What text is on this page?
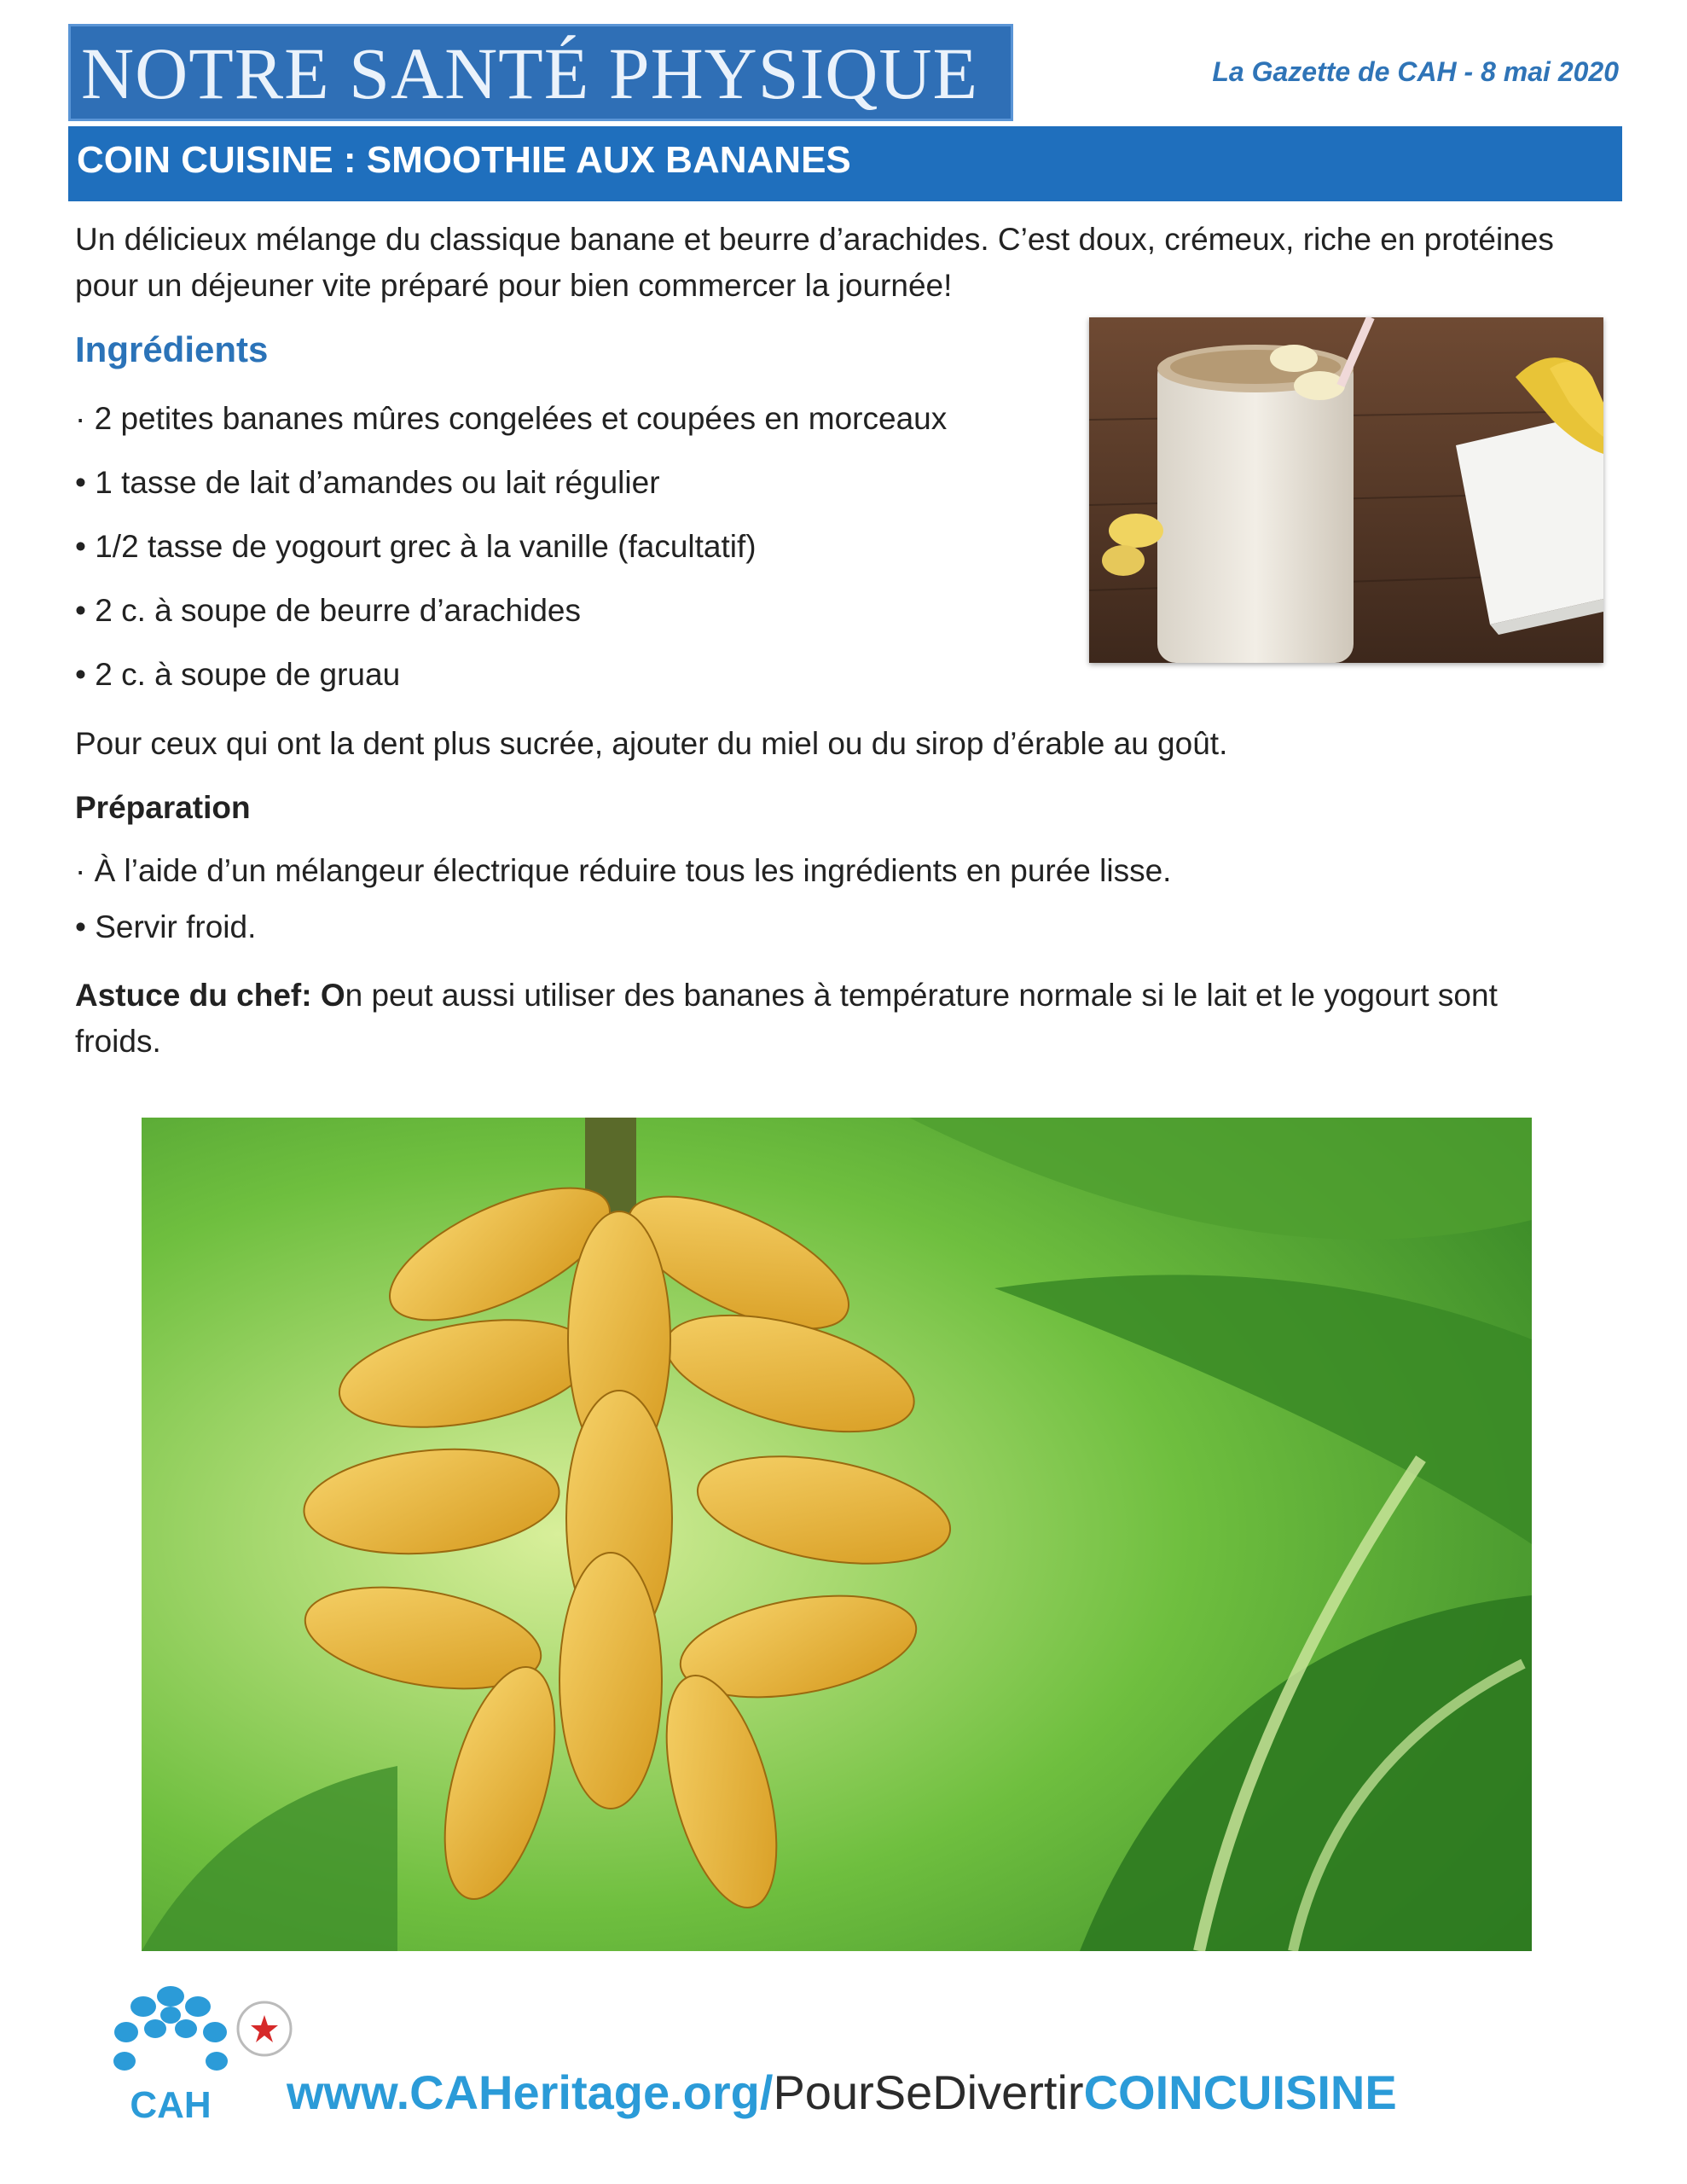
NOTRE SANTÉ PHYSIQUE	La Gazette de CAH - 8 mai 2020
COIN CUISINE : SMOOTHIE AUX BANANES
Un délicieux mélange du classique banane et beurre d’arachides. C’est doux, crémeux, riche en protéines pour un déjeuner vite préparé pour bien commercer la journée!
Ingrédients
· 2 petites bananes mûres congelées et coupées en morceaux
• 1 tasse de lait d’amandes ou lait régulier
• 1/2 tasse de yogourt grec à la vanille (facultatif)
• 2 c. à soupe de beurre d’arachides
• 2 c. à soupe de gruau
Pour ceux qui ont la dent plus sucrée, ajouter du miel ou du sirop d’érable au goût.
Préparation
· À l’aide d’un mélangeur électrique réduire tous les ingrédients en purée lisse.
• Servir froid.
Astuce du chef: On peut aussi utiliser des bananes à température normale si le lait et le yogourt sont froids.
CAH www.CAHeritage.org/PourSeDivertirCOINCUISINE
